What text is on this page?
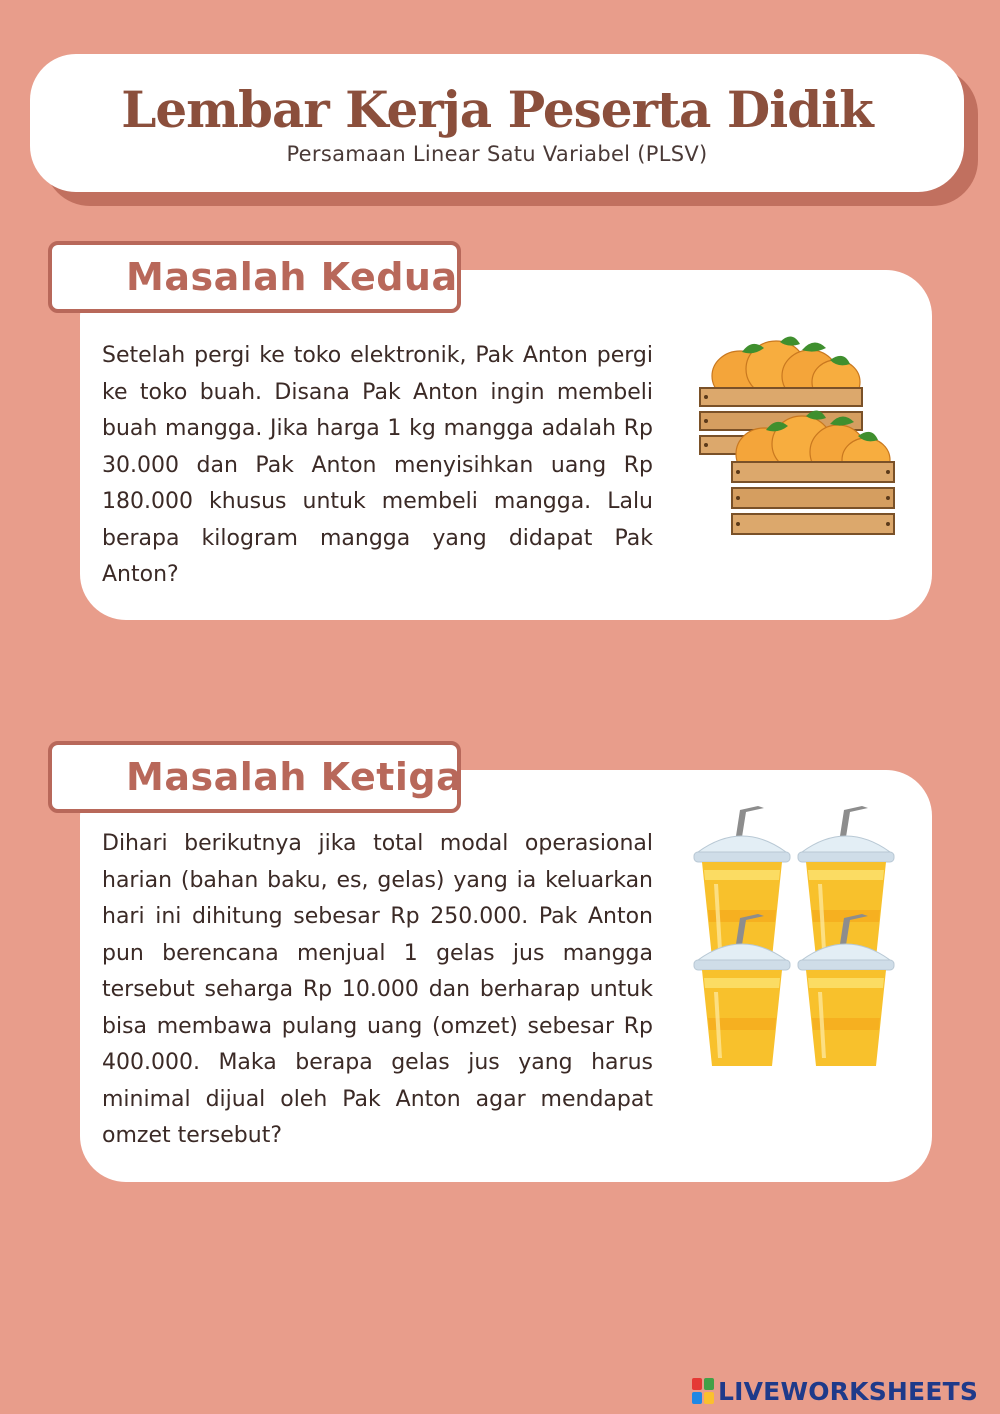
Lembar Kerja Peserta Didik
Persamaan Linear Satu Variabel (PLSV)

Setelah pergi ke toko elektronik, Pak Anton pergi ke toko buah. Disana Pak Anton ingin membeli buah mangga. Jika harga 1 kg mangga adalah Rp 30.000 dan Pak Anton menyisihkan uang Rp 180.000 khusus untuk membeli mangga. Lalu berapa kilogram mangga yang didapat Pak Anton?

Masalah Kedua

Dihari berikutnya jika total modal operasional harian (bahan baku, es, gelas) yang ia keluarkan hari ini dihitung sebesar Rp 250.000. Pak Anton pun berencana menjual 1 gelas jus mangga tersebut seharga Rp 10.000 dan berharap untuk bisa membawa pulang uang (omzet) sebesar Rp 400.000. Maka berapa gelas jus yang harus minimal dijual oleh Pak Anton agar mendapat omzet tersebut?

Masalah Ketiga
LIVEWORKSHEETS
